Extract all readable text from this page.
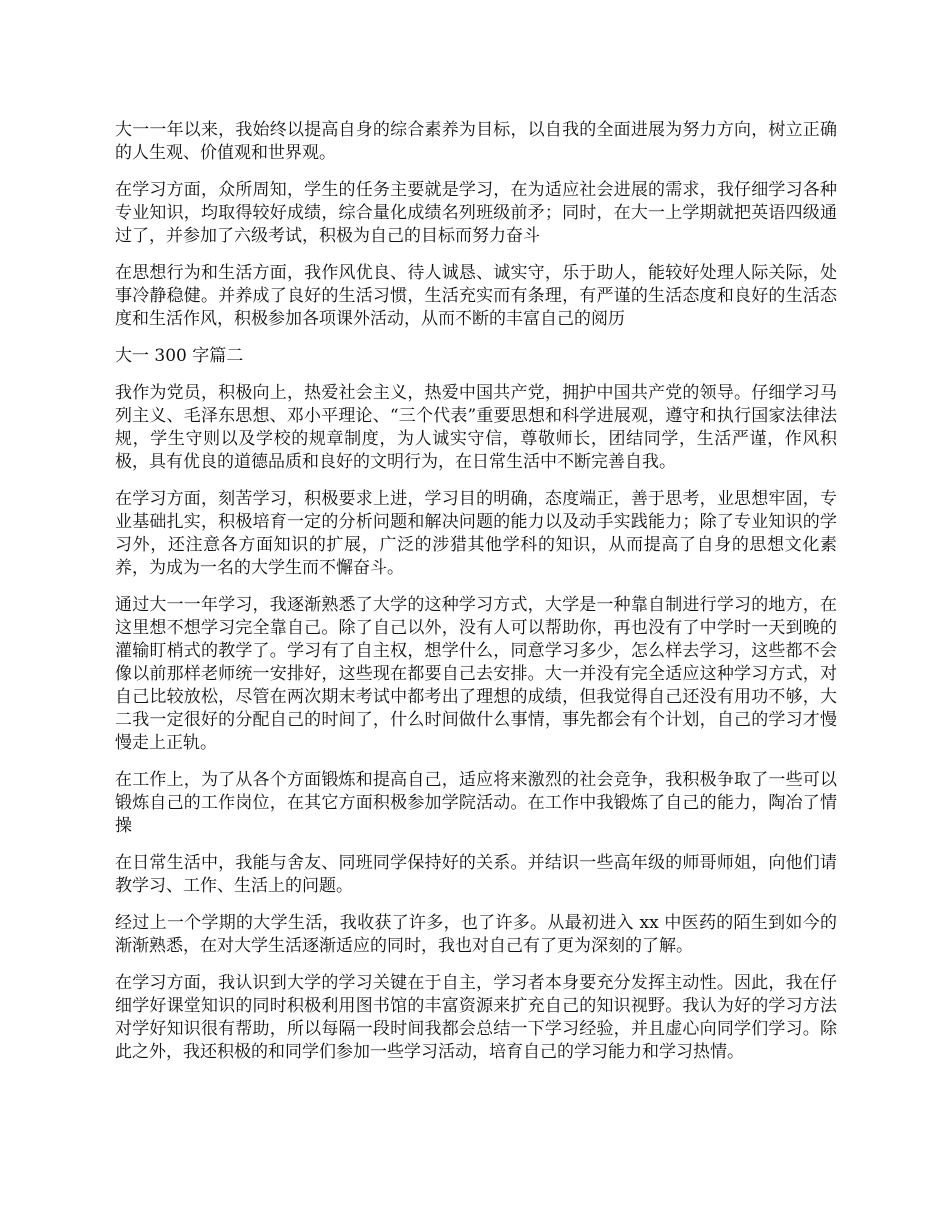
大一一年以来，我始终以提高自身的综合素养为目标，以自我的全面进展为努力方向，树立正确的人生观、价值观和世界观。

在学习方面，众所周知，学生的任务主要就是学习，在为适应社会进展的需求，我仔细学习各种专业知识，均取得较好成绩，综合量化成绩名列班级前矛；同时，在大一上学期就把英语四级通过了，并参加了六级考试，积极为自己的目标而努力奋斗

在思想行为和生活方面，我作风优良、待人诚恳、诚实守，乐于助人，能较好处理人际关际，处事冷静稳健。并养成了良好的生活习惯，生活充实而有条理，有严谨的生活态度和良好的生活态度和生活作风，积极参加各项课外活动，从而不断的丰富自己的阅历

大一 300 字篇二

我作为党员，积极向上，热爱社会主义，热爱中国共产党，拥护中国共产党的领导。仔细学习马列主义、毛泽东思想、邓小平理论、“三个代表”重要思想和科学进展观，遵守和执行国家法律法规，学生守则以及学校的规章制度，为人诚实守信，尊敬师长，团结同学，生活严谨，作风积极，具有优良的道德品质和良好的文明行为，在日常生活中不断完善自我。

在学习方面，刻苦学习，积极要求上进，学习目的明确，态度端正，善于思考，业思想牢固，专业基础扎实，积极培育一定的分析问题和解决问题的能力以及动手实践能力；除了专业知识的学习外，还注意各方面知识的扩展，广泛的涉猎其他学科的知识，从而提高了自身的思想文化素养，为成为一名的大学生而不懈奋斗。

通过大一一年学习，我逐渐熟悉了大学的这种学习方式，大学是一种靠自制进行学习的地方，在这里想不想学习完全靠自己。除了自己以外，没有人可以帮助你，再也没有了中学时一天到晚的灌输盯梢式的教学了。学习有了自主权，想学什么，同意学习多少，怎么样去学习，这些都不会像以前那样老师统一安排好，这些现在都要自己去安排。大一并没有完全适应这种学习方式，对自己比较放松，尽管在两次期末考试中都考出了理想的成绩，但我觉得自己还没有用功不够，大二我一定很好的分配自己的时间了，什么时间做什么事情，事先都会有个计划，自己的学习才慢慢走上正轨。

在工作上，为了从各个方面锻炼和提高自己，适应将来激烈的社会竞争，我积极争取了一些可以锻炼自己的工作岗位，在其它方面积极参加学院活动。在工作中我锻炼了自己的能力，陶冶了情操

在日常生活中，我能与舍友、同班同学保持好的关系。并结识一些高年级的师哥师姐，向他们请教学习、工作、生活上的问题。

经过上一个学期的大学生活，我收获了许多，也了许多。从最初进入 xx 中医药的陌生到如今的渐渐熟悉，在对大学生活逐渐适应的同时，我也对自己有了更为深刻的了解。

在学习方面，我认识到大学的学习关键在于自主，学习者本身要充分发挥主动性。因此，我在仔细学好课堂知识的同时积极利用图书馆的丰富资源来扩充自己的知识视野。我认为好的学习方法对学好知识很有帮助，所以每隔一段时间我都会总结一下学习经验，并且虚心向同学们学习。除此之外，我还积极的和同学们参加一些学习活动，培育自己的学习能力和学习热情。
